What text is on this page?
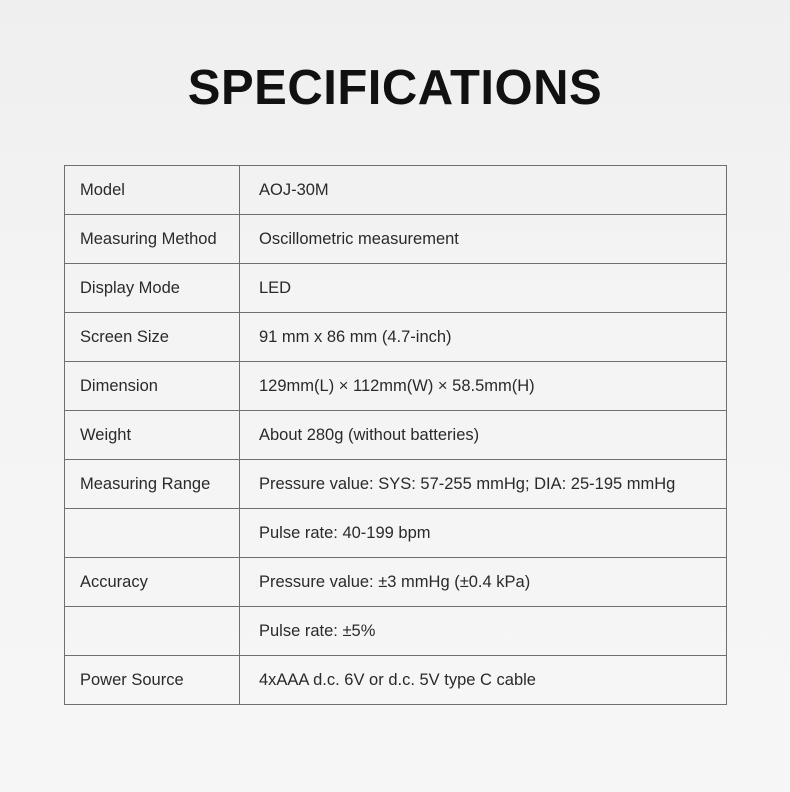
SPECIFICATIONS
Model	AOJ-30M
Measuring Method	Oscillometric measurement
Display Mode	LED
Screen Size	91 mm x 86 mm (4.7-inch)
Dimension	129mm(L) × 112mm(W) × 58.5mm(H)
Weight	About 280g (without batteries)
Measuring Range	Pressure value: SYS: 57-255 mmHg; DIA: 25-195 mmHg
	Pulse rate: 40-199 bpm
Accuracy	Pressure value: ±3 mmHg (±0.4 kPa)
	Pulse rate: ±5%
Power Source	4xAAA d.c. 6V or d.c. 5V type C cable
